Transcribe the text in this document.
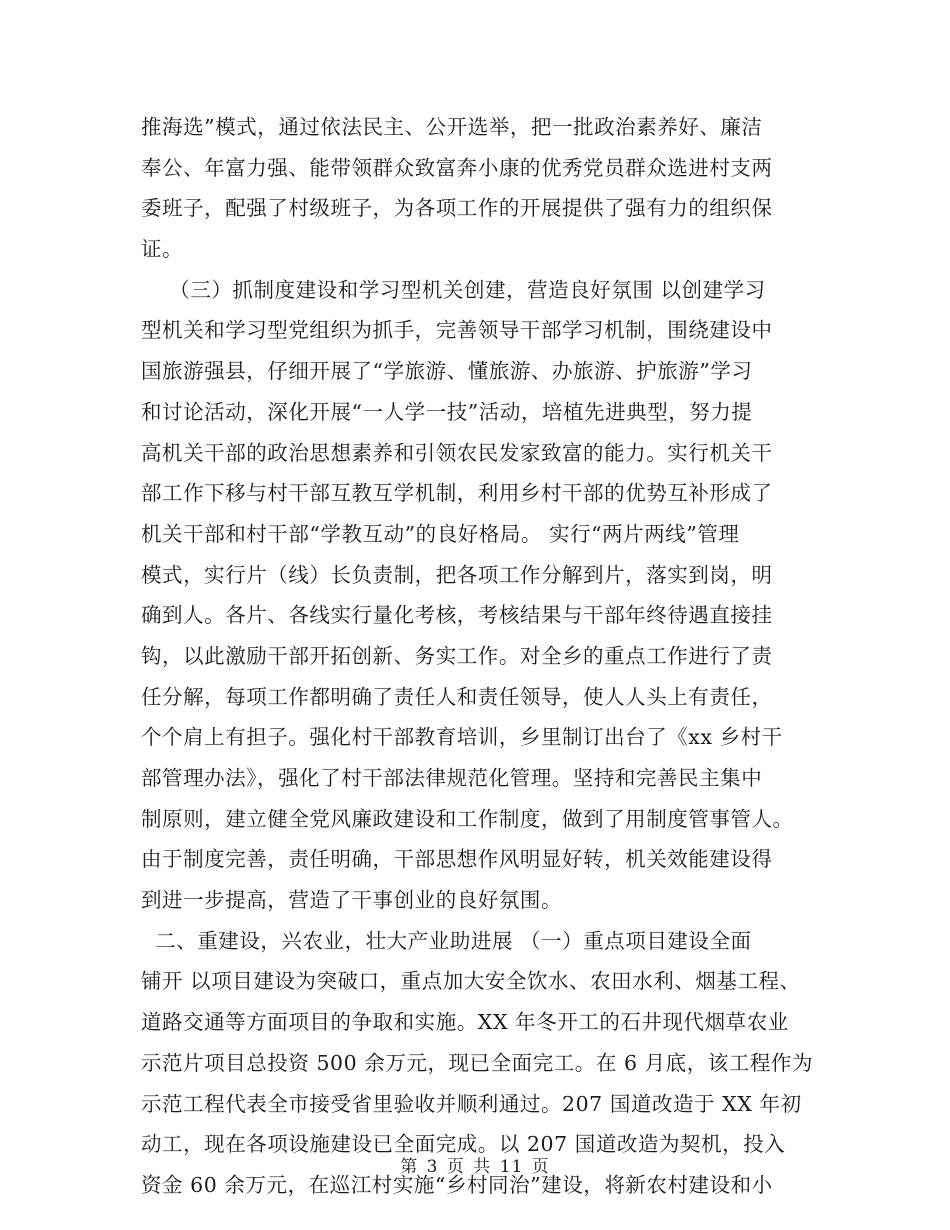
推海选”模式，通过依法民主、公开选举，把一批政治素养好、廉洁
奉公、年富力强、能带领群众致富奔小康的优秀党员群众选进村支两
委班子，配强了村级班子，为各项工作的开展提供了强有力的组织保
证。
（三）抓制度建设和学习型机关创建，营造良好氛围 以创建学习
型机关和学习型党组织为抓手，完善领导干部学习机制，围绕建设中
国旅游强县，仔细开展了“学旅游、懂旅游、办旅游、护旅游”学习
和讨论活动，深化开展“一人学一技”活动，培植先进典型，努力提
高机关干部的政治思想素养和引领农民发家致富的能力。实行机关干
部工作下移与村干部互教互学机制，利用乡村干部的优势互补形成了
机关干部和村干部“学教互动”的良好格局。 实行“两片两线”管理
模式，实行片（线）长负责制，把各项工作分解到片，落实到岗，明
确到人。各片、各线实行量化考核，考核结果与干部年终待遇直接挂
钩，以此激励干部开拓创新、务实工作。对全乡的重点工作进行了责
任分解，每项工作都明确了责任人和责任领导，使人人头上有责任，
个个肩上有担子。强化村干部教育培训，乡里制订出台了《xx 乡村干
部管理办法》，强化了村干部法律规范化管理。坚持和完善民主集中
制原则，建立健全党风廉政建设和工作制度，做到了用制度管事管人。
由于制度完善，责任明确，干部思想作风明显好转，机关效能建设得
到进一步提高，营造了干事创业的良好氛围。
二、重建设，兴农业，壮大产业助进展 （一）重点项目建设全面
铺开 以项目建设为突破口，重点加大安全饮水、农田水利、烟基工程、
道路交通等方面项目的争取和实施。XX 年冬开工的石井现代烟草农业
示范片项目总投资 500 余万元，现已全面完工。在 6 月底，该工程作为
示范工程代表全市接受省里验收并顺利通过。207 国道改造于 XX 年初
动工，现在各项设施建设已全面完成。以 207 国道改造为契机，投入
资金 60 余万元，在巡江村实施“乡村同治”建设，将新农村建设和小
第 3 页 共 11 页
